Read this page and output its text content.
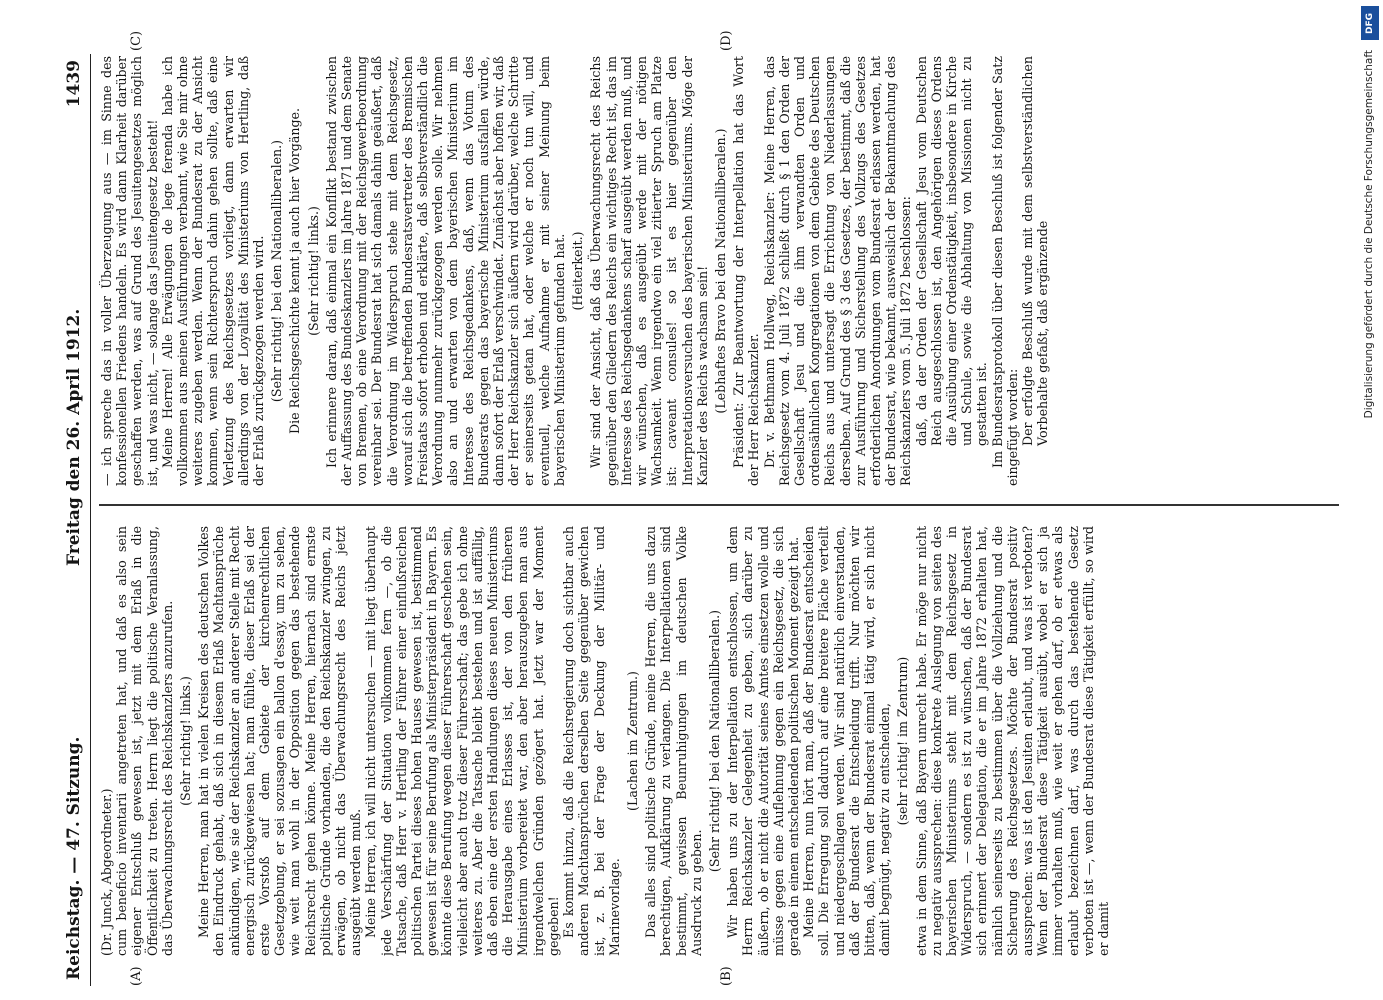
Reichstag. — 47. Sitzung.
Freitag den 26. April 1912.
1439
(A)	(B)
(C)	(D)

(Dr. Junck, Abgeordneter.) cum beneficio inventarii angetreten hat, und daß es also sein eigener Entschluß gewesen ist, jetzt mit dem Erlaß in die Öffentlichkeit zu treten. Herrn liegt die politische Veranlassung, das Überwachungsrecht des Reichskanzlers anzurufen. (Sehr richtig! links.) Meine Herren, man hat in vielen Kreisen des deutschen Volkes den Eindruck gehabt, daß sich in diesem Erlaß Machtansprüche ankündigen, wie sie der Reichskanzler an anderer Stelle mit Recht energisch zurückgewiesen hat; man fühlte, dieser Erlaß sei der erste Vorstoß auf dem Gebiete der kirchenrechtlichen Gesetzgebung, er sei sozusagen ein ballon d'essay, um zu sehen, wie weit man wohl in der Opposition gegen das bestehende Reichsrecht gehen könne. Meine Herren, hiernach sind ernste politische Gründe vorhanden, die den Reichskanzler zwingen, zu erwägen, ob nicht das Überwachungsrecht des Reichs jetzt ausgeübt werden muß. Meine Herren, ich will nicht untersuchen — mit liegt überhaupt jede Verschärfung der Situation vollkommen fern —, ob die Tatsache, daß Herr v. Hertling der Führer einer einflußreichen politischen Partei dieses hohen Hauses gewesen ist, bestimmend gewesen ist für seine Berufung als Ministerpräsident in Bayern. Es könnte diese Berufung wegen dieser Führerschaft geschehen sein, vielleicht aber auch trotz dieser Führerschaft; das gebe ich ohne weiteres zu. Aber die Tatsache bleibt bestehen und ist auffällig, daß eben eine der ersten Handlungen dieses neuen Ministeriums die Herausgabe eines Erlasses ist, der von den früheren Ministerium vorbereitet war, den aber herauszugeben man aus irgendwelchen Gründen gezögert hat. Jetzt war der Moment gegeben! Es kommt hinzu, daß die Reichsregierung doch sichtbar auch anderen Machtansprüchen derselben Seite gegenüber gewichen ist, z. B. bei der Frage der Deckung der Militär- und Marinevorlage.

(Lachen im Zentrum.) Das alles sind politische Gründe, meine Herren, die uns dazu berechtigen, Aufklärung zu verlangen. Die Interpellationen sind bestimmt, gewissen Beunruhigungen im deutschen Volke Ausdruck zu geben.

(Sehr richtig! bei den Nationalliberalen.) Wir haben uns zu der Interpellation entschlossen, um dem Herrn Reichskanzler Gelegenheit zu geben, sich darüber zu äußern, ob er nicht die Autorität seines Amtes einsetzen wolle und müsse gegen eine Auflehnung gegen ein Reichsgesetz, die sich gerade in einem entscheidenden politischen Moment gezeigt hat. Meine Herren, nun hört man, daß der Bundesrat entscheiden soll. Die Erregung soll dadurch auf eine breitere Fläche verteilt und niedergeschlagen werden. Wir sind natürlich einverstanden, daß der Bundesrat die Entscheidung trifft. Nur möchten wir bitten, daß, wenn der Bundesrat einmal tätig wird, er sich nicht damit begnügt, negativ zu entscheiden, (sehr richtig! im Zentrum) etwa in dem Sinne, daß Bayern unrecht habe. Er möge nur nicht zu negativ aussprechen: diese konkrete Auslegung von seiten des bayerischen Ministeriums steht mit dem Reichsgesetz in Widerspruch, — sondern es ist zu wünschen, daß der Bundesrat sich erinnert der Delegation, die er im Jahre 1872 erhalten hat, nämlich seinerseits zu bestimmen über die Vollziehung und die Sicherung des Reichsgesetzes. Möchte der Bundesrat positiv aussprechen: was ist den Jesuiten erlaubt, und was ist verboten? Wenn der Bundesrat diese Tätigkeit ausübt, wobei er sich ja immer vorhalten muß, wie weit er gehen darf, ob er etwas als erlaubt bezeichnen darf, was durch das bestehende Gesetz verboten ist —, wenn der Bundesrat diese Tätigkeit erfüllt, so wird er damit

— ich spreche das in voller Überzeugung aus — im Sinne des konfessionellen Friedens handeln. Es wird dann Klarheit darüber geschaffen werden, was auf Grund des Jesuitengesetzes möglich ist, und was nicht, — solange das Jesuitengesetz besteht! Meine Herren! Alle Erwägungen de lege ferenda habe ich vollkommen aus meinen Ausführungen verbannt, wie Sie mir ohne weiteres zugeben werden. Wenn der Bundesrat zu der Ansicht kommen, wenn sein Richterspruch dahin gehen sollte, daß eine Verletzung des Reichsgesetzes vorliegt, dann erwarten wir allerdings von der Loyalität des Ministeriums von Hertling, daß der Erlaß zurückgezogen werden wird. (Sehr richtig! bei den Nationalliberalen.) Die Reichsgeschichte kennt ja auch hier Vorgänge. (Sehr richtig! links.) Ich erinnere daran, daß einmal ein Konflikt bestand zwischen der Auffassung des Bundeskanzlers im Jahre 1871 und dem Senate von Bremen, ob eine Verordnung mit der Reichsgewerbeordnung vereinbar sei. Der Bundesrat hat sich damals dahin geäußert, daß die Verordnung im Widerspruch stehe mit dem Reichsgesetz, worauf sich die betreffenden Bundesratsvertreter des Bremischen Freistaats sofort erhoben und erklärte, daß selbstverständlich die Verordnung nunmehr zurückgezogen werden solle. Wir nehmen also an und erwarten von dem bayerischen Ministerium im Interesse des Reichsgedankens, daß, wenn das Votum des Bundesrats gegen das bayerische Ministerium ausfallen würde, dann sofort der Erlaß verschwindet. Zunächst aber hoffen wir, daß der Herr Reichskanzler sich äußern wird darüber, welche Schritte er seinerseits getan hat, oder welche er noch tun will, und eventuell, welche Aufnahme er mit seiner Meinung beim bayerischen Ministerium gefunden hat. (Heiterkeit.) Wir sind der Ansicht, daß das Überwachungsrecht des Reichs gegenüber den Gliedern des Reichs ein wichtiges Recht ist, das im Interesse des Reichsgedankens scharf ausgeübt werden muß, und wir wünschen, daß es ausgeübt werde mit der nötigen Wachsamkeit. Wenn irgendwo ein viel zitierter Spruch am Platze ist: caveant consules! so ist es hier gegenüber den Interpretationsversuchen des bayerischen Ministeriums. Möge der Kanzler des Reichs wachsam sein! (Lebhaftes Bravo bei den Nationalliberalen.) Präsident: Zur Beantwortung der Interpellation hat das Wort der Herr Reichskanzler. Dr. v. Bethmann Hollweg, Reichskanzler: Meine Herren, das Reichsgesetz vom 4. Juli 1872 schließt durch § 1 den Orden der Gesellschaft Jesu und die ihm verwandten Orden und ordensähnlichen Kongregationen von dem Gebiete des Deutschen Reichs aus und untersagt die Errichtung von Niederlassungen derselben. Auf Grund des § 3 des Gesetzes, der bestimmt, daß die zur Ausführung und Sicherstellung des Vollzugs des Gesetzes erforderlichen Anordnungen vom Bundesrat erlassen werden, hat der Bundesrat, wie bekannt, ausweislich der Bekanntmachung des Reichskanzlers vom 5. Juli 1872 beschlossen: daß, da der Orden der Gesellschaft Jesu vom Deutschen Reich ausgeschlossen ist, den Angehörigen dieses Ordens die Ausübung einer Ordenstätigkeit, insbesondere in Kirche und Schule, sowie die Abhaltung von Missionen nicht zu gestatten ist. Im Bundesratsprotokoll über diesen Beschluß ist folgender Satz eingefügt worden: Der erfolgte Beschluß wurde mit dem selbstverständlichen Vorbehalte gefaßt, daß ergänzende

DFG
Digitalisierung gefördert durch die Deutsche Forschungsgemeinschaft
